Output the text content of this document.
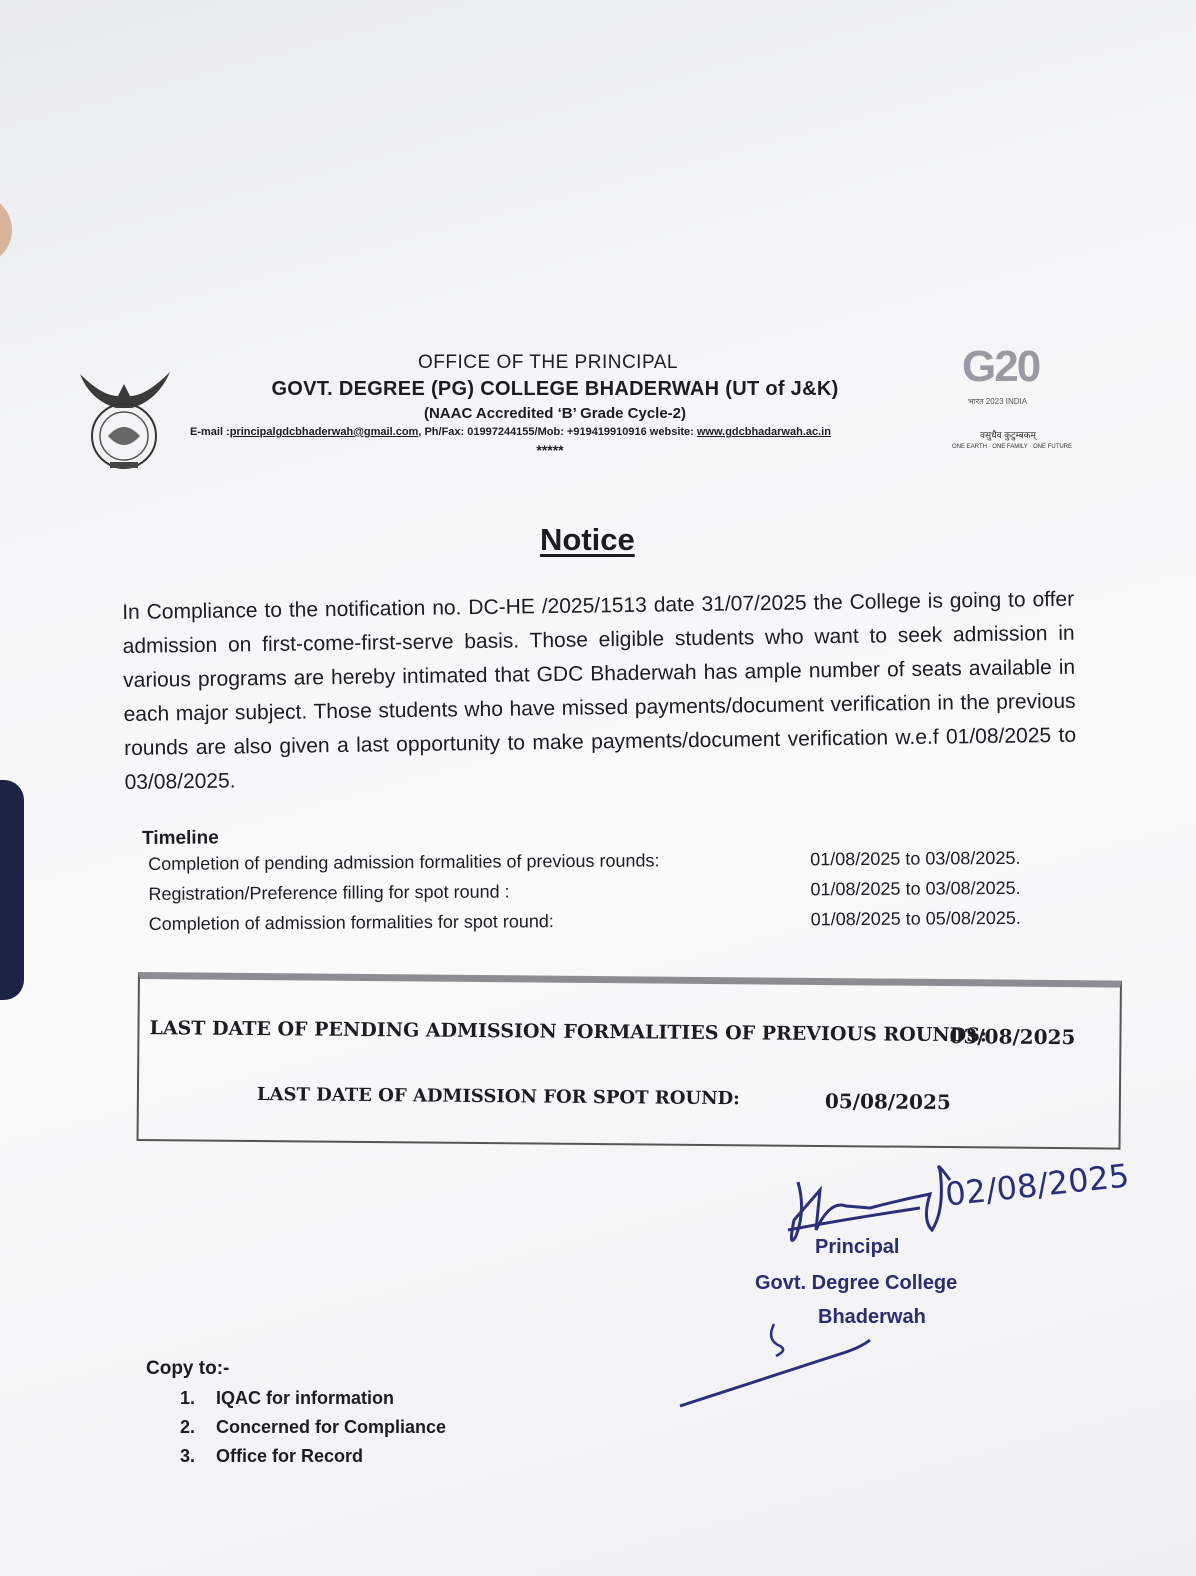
OFFICE OF THE PRINCIPAL
GOVT. DEGREE (PG) COLLEGE BHADERWAH (UT of J&K)
(NAAC Accredited ‘B’ Grade Cycle-2)
E-mail :principalgdcbhaderwah@gmail.com, Ph/Fax: 01997244155/Mob: +919419910916 website: www.gdcbhadarwah.ac.in
*****
G20
भारत 2023 INDIA
वसुधैव कुटुम्बकम्
ONE EARTH · ONE FAMILY · ONE FUTURE
Notice
In Compliance to the notification no. DC-HE /2025/1513 date 31/07/2025 the College is going to offer admission on first-come-first-serve basis. Those eligible students who want to seek admission in various programs are hereby intimated that GDC Bhaderwah has ample number of seats available in each major subject. Those students who have missed payments/document verification in the previous rounds are also given a last opportunity to make payments/document verification w.e.f 01/08/2025 to 03/08/2025.
Timeline
Completion of pending admission formalities of previous rounds:	01/08/2025 to 03/08/2025.
Registration/Preference filling for spot round :	01/08/2025 to 03/08/2025.
Completion of admission formalities for spot round:	01/08/2025 to 05/08/2025.
LAST DATE OF PENDING ADMISSION FORMALITIES OF PREVIOUS ROUNDS:
03/08/2025
LAST DATE OF ADMISSION FOR SPOT ROUND:	05/08/2025
02/08/2025
Principal
Govt. Degree College
Bhaderwah
Copy to:-
1. IQAC for information
2. Concerned for Compliance
3. Office for Record
